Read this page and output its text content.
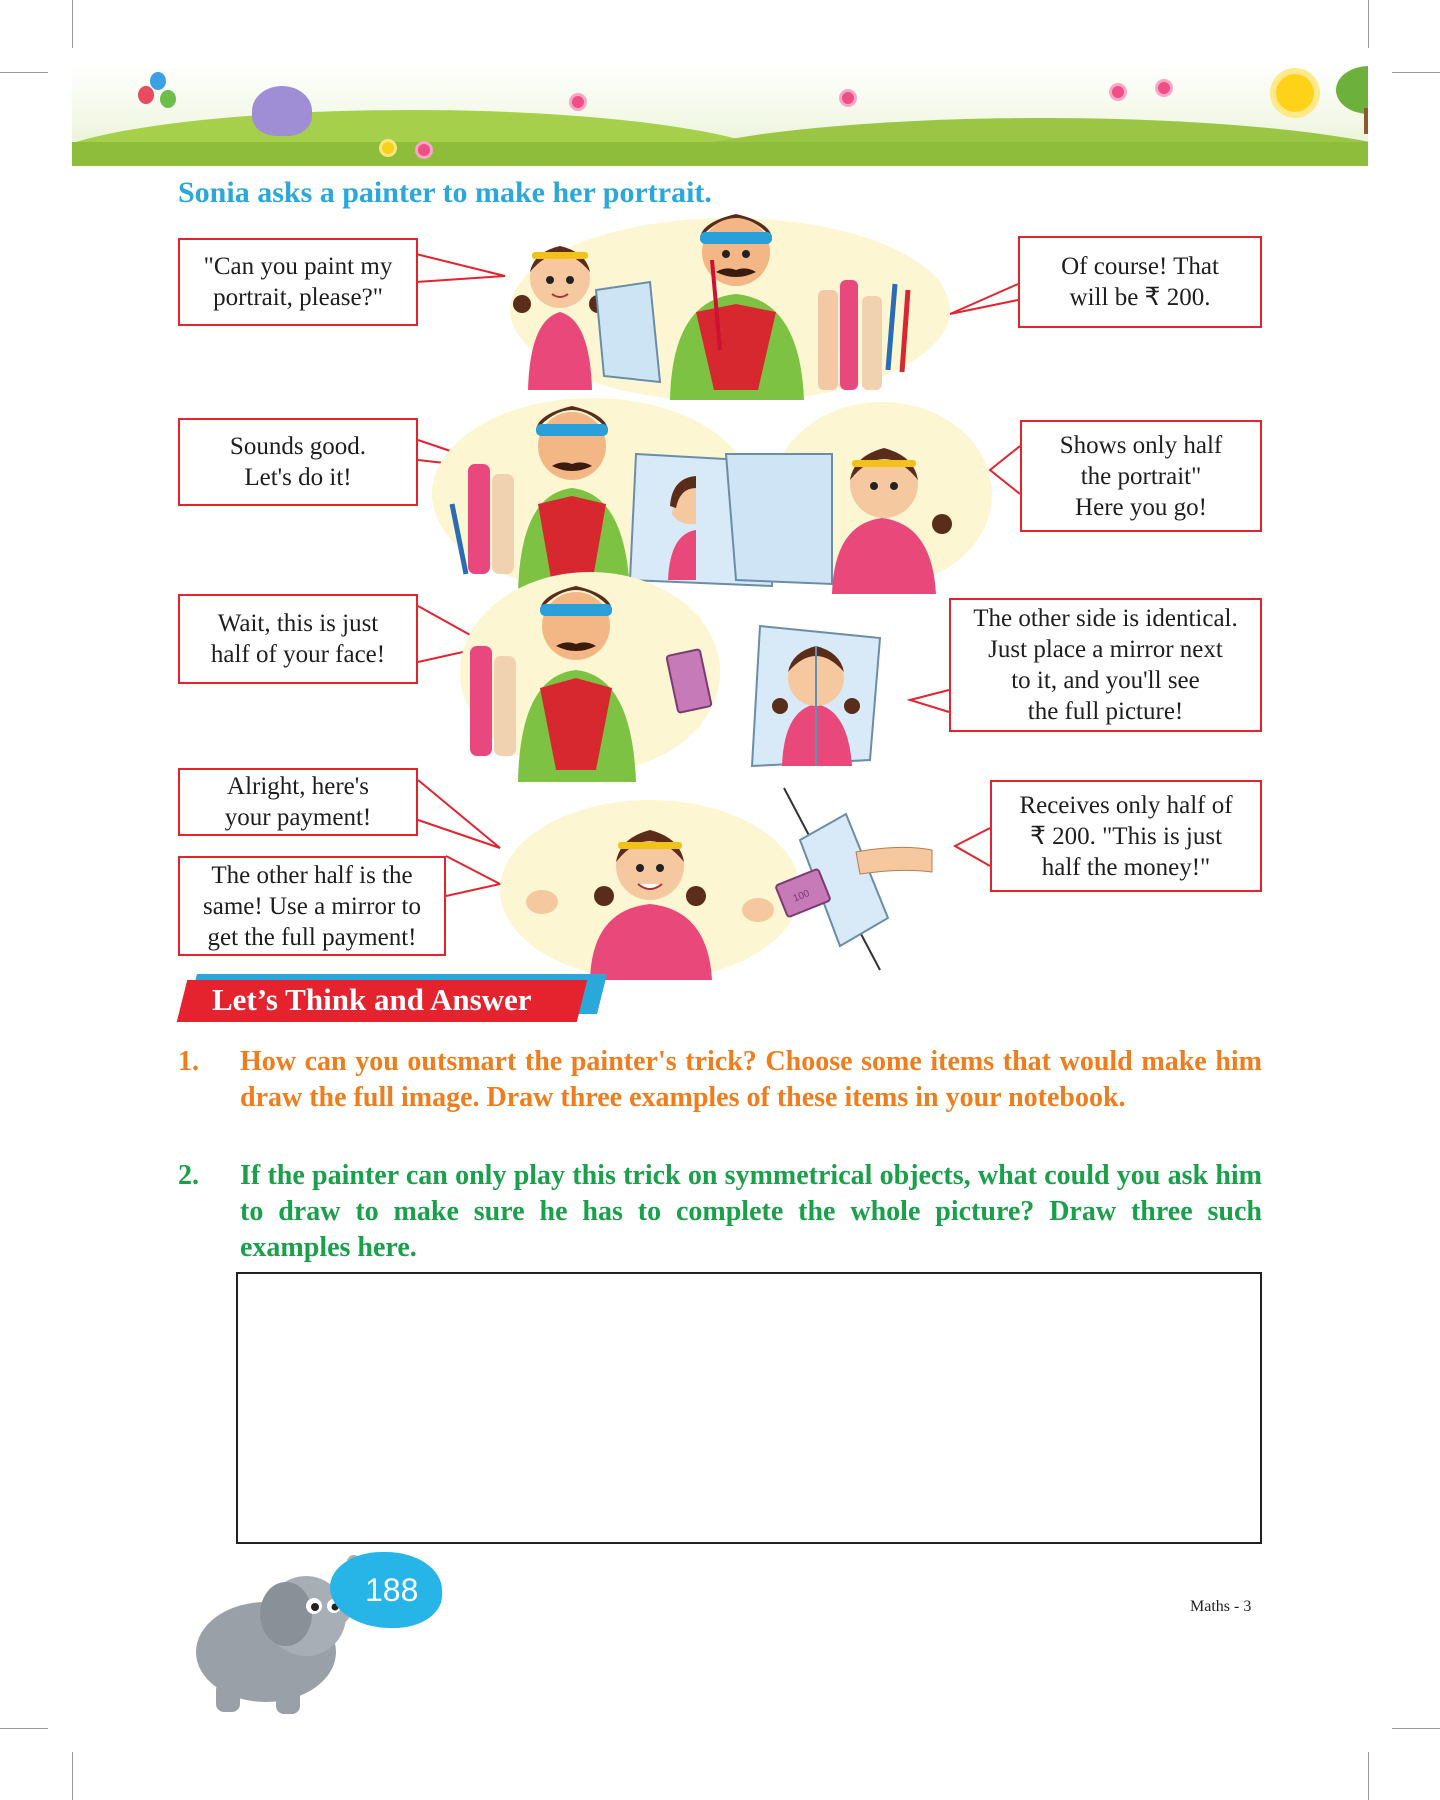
Sonia asks a painter to make her portrait.
"Can you paint my
portrait, please?"
Of course! That
will be ₹ 200.
Sounds good.
Let's do it!
Shows only half
the portrait"
Here you go!
Wait, this is just
half of your face!
The other side is identical.
Just place a mirror next
to it, and you'll see
the full picture!
Alright, here's
your payment!	Receives only half of
₹ 200. "This is just
half the money!"
The other half is the
same! Use a mirror to
get the full payment!
100
Let’s Think and Answer
1. How can you outsmart the painter's trick? Choose some items that would make him draw the full image. Draw three examples of these items in your notebook.
2. If the painter can only play this trick on symmetrical objects, what could you ask him to draw to make sure he has to complete the whole picture? Draw three such examples here.
188	Maths - 3
